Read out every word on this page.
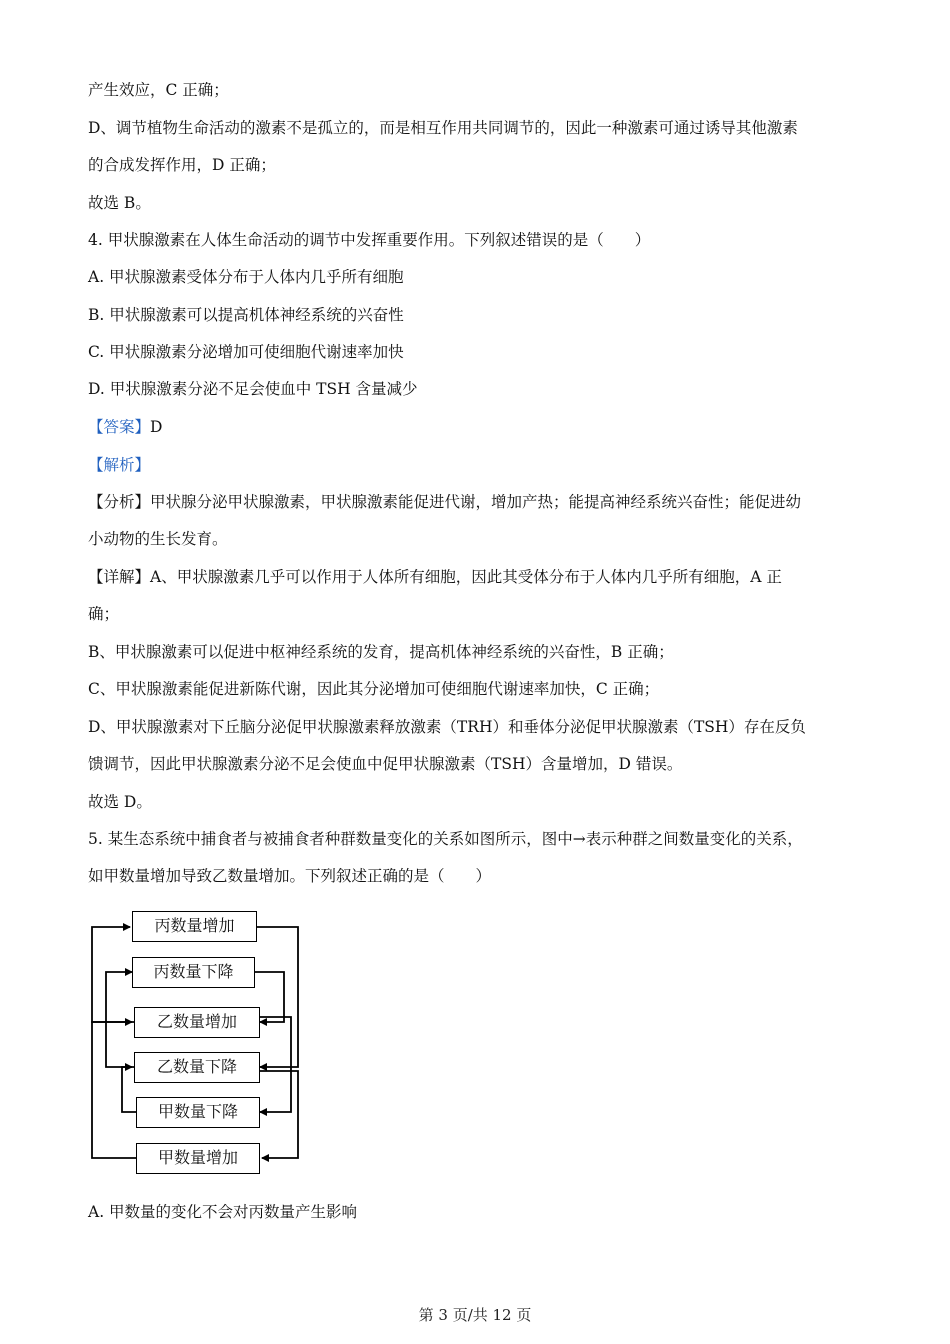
产生效应，C 正确；
D、调节植物生命活动的激素不是孤立的，而是相互作用共同调节的，因此一种激素可通过诱导其他激素
的合成发挥作用，D 正确；
故选 B。
4. 甲状腺激素在人体生命活动的调节中发挥重要作用。下列叙述错误的是（　　）
A. 甲状腺激素受体分布于人体内几乎所有细胞
B. 甲状腺激素可以提高机体神经系统的兴奋性
C. 甲状腺激素分泌增加可使细胞代谢速率加快
D. 甲状腺激素分泌不足会使血中 TSH 含量减少
【答案】D
【解析】
【分析】甲状腺分泌甲状腺激素，甲状腺激素能促进代谢，增加产热；能提高神经系统兴奋性；能促进幼
小动物的生长发育。
【详解】A、甲状腺激素几乎可以作用于人体所有细胞，因此其受体分布于人体内几乎所有细胞，A 正
确；
B、甲状腺激素可以促进中枢神经系统的发育，提高机体神经系统的兴奋性，B 正确；
C、甲状腺激素能促进新陈代谢，因此其分泌增加可使细胞代谢速率加快，C 正确；
D、甲状腺激素对下丘脑分泌促甲状腺激素释放激素（TRH）和垂体分泌促甲状腺激素（TSH）存在反负
馈调节，因此甲状腺激素分泌不足会使血中促甲状腺激素（TSH）含量增加，D 错误。
故选 D。
5. 某生态系统中捕食者与被捕食者种群数量变化的关系如图所示，图中→表示种群之间数量变化的关系，
如甲数量增加导致乙数量增加。下列叙述正确的是（　　）
丙数量增加
丙数量下降
乙数量增加
乙数量下降
甲数量下降
甲数量增加
A. 甲数量的变化不会对丙数量产生影响
第 3 页/共 12 页
